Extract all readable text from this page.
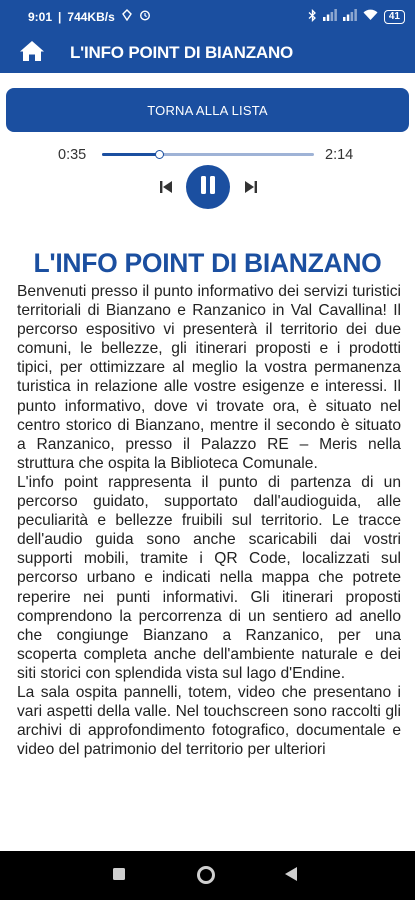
9:01 | 744KB/s	41
L'INFO POINT DI BIANZANO
TORNA ALLA LISTA
0:35	2:14
L'INFO POINT DI BIANZANO

Benvenuti presso il punto informativo dei servizi turistici territoriali di Bianzano e Ranzanico in Val Cavallina! Il percorso espositivo vi presenterà il territorio dei due comuni, le bellezze, gli itinerari proposti e i prodotti tipici, per ottimizzare al meglio la vostra permanenza turistica in relazione alle vostre esigenze e interessi. Il punto informativo, dove vi trovate ora, è situato nel centro storico di Bianzano, mentre il secondo è situato a Ranzanico, presso il Palazzo RE – Meris nella struttura che ospita la Biblioteca Comunale.

L'info point rappresenta il punto di partenza di un percorso guidato, supportato dall'audioguida, alle peculiarità e bellezze fruibili sul territorio. Le tracce dell'audio guida sono anche scaricabili dai vostri supporti mobili, tramite i QR Code, localizzati sul percorso urbano e indicati nella mappa che potrete reperire nei punti informativi. Gli itinerari proposti comprendono la percorrenza di un sentiero ad anello che congiunge Bianzano a Ranzanico, per una scoperta completa anche dell'ambiente naturale e dei siti storici con splendida vista sul lago d'Endine.

La sala ospita pannelli, totem, video che presentano i vari aspetti della valle. Nel touchscreen sono raccolti gli archivi di approfondimento fotografico, documentale e video del patrimonio del territorio per ulteriori
